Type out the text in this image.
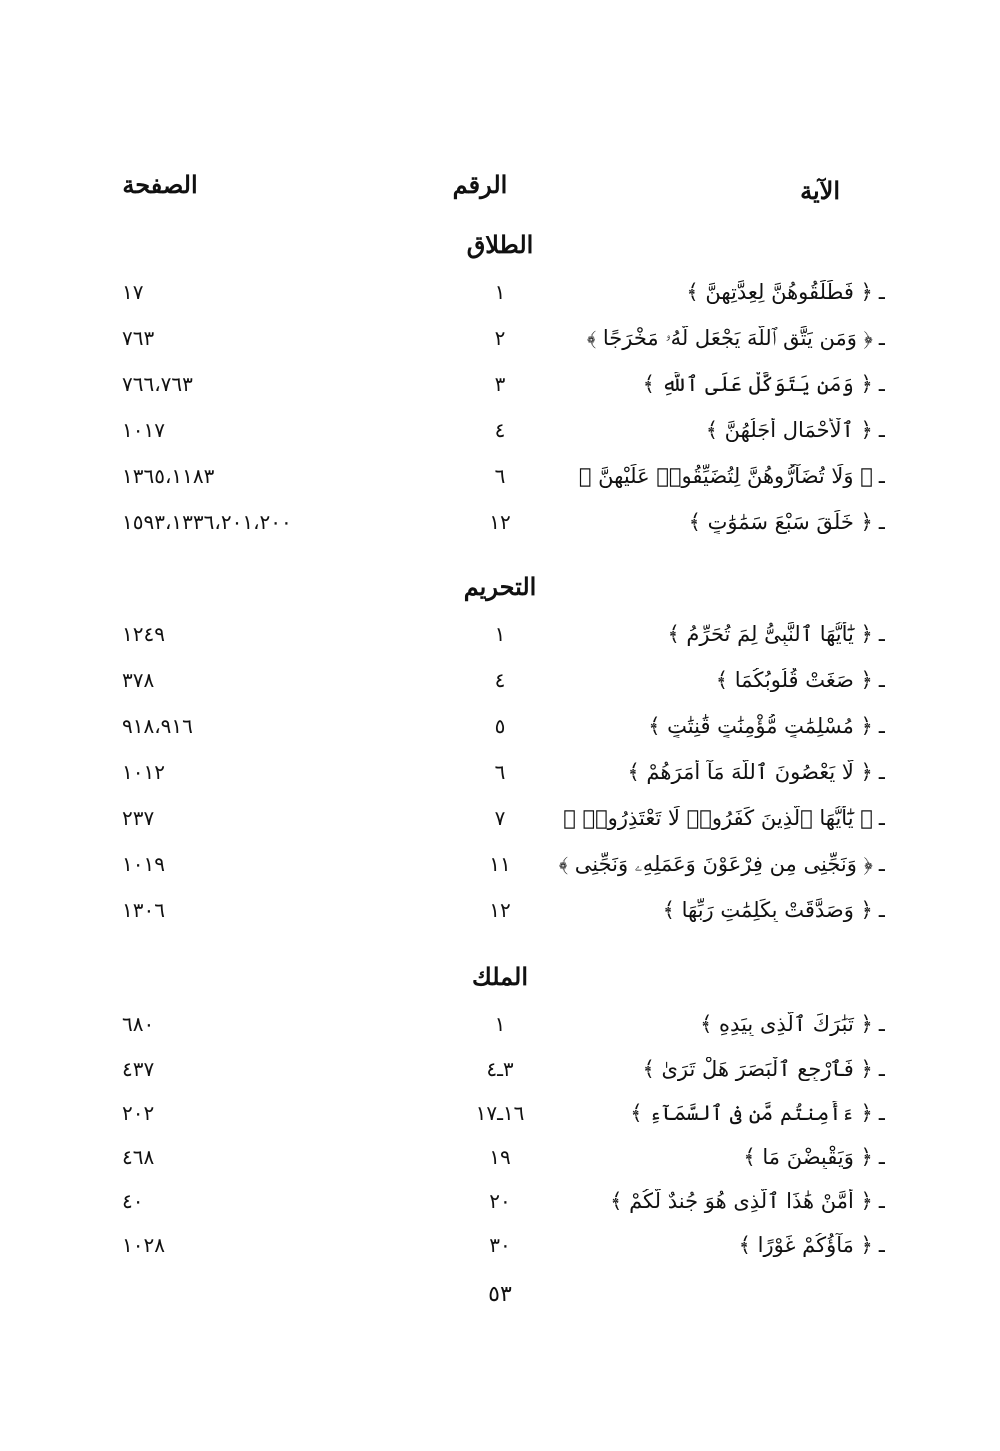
الآية
الرقم
الصفحة
الطلاق
ـ﴿ فَطَلِّقُوهُنَّ لِعِدَّتِهِنَّ ﴾
١
١٧
ـ﴿ وَمَن يَتَّقِ ٱللَّهَ يَجْعَل لَّهُۥ مَخْرَجًا ﴾
٢
٧٦٣
ـ﴿ وَمَن يَتَوَكَّلْ عَلَى ٱللَّهِ ﴾
٣
٧٦٦،٧٦٣
ـ﴿ ٱلْأَحْمَالِ أَجَلُهُنَّ ﴾
٤
١٠١٧
ـ﴿ وَلَا تُضَآرُّوهُنَّ لِتُضَيِّقُوا۟ عَلَيْهِنَّ ﴾
٦
١٣٦٥،١١٨٣
ـ﴿ خَلَقَ سَبْعَ سَمَٰوَٰتٍ ﴾
١٢
١٥٩٣،١٣٣٦،٢٠١،٢٠٠
التحريم
ـ﴿ يَٰٓأَيُّهَا ٱلنَّبِىُّ لِمَ تُحَرِّمُ ﴾
١
١٢٤٩
ـ﴿ صَغَتْ قُلُوبُكُمَا ﴾
٤
٣٧٨
ـ﴿ مُسْلِمَٰتٍ مُّؤْمِنَٰتٍ قَٰنِتَٰتٍ ﴾
٥
٩١٨،٩١٦
ـ﴿ لَّا يَعْصُونَ ٱللَّهَ مَآ أَمَرَهُمْ ﴾
٦
١٠١٢
ـ﴿ يَٰٓأَيُّهَا ٱلَّذِينَ كَفَرُوا۟ لَا تَعْتَذِرُوا۟ ﴾
٧
٢٣٧
ـ﴿ وَنَجِّنِى مِن فِرْعَوْنَ وَعَمَلِهِۦ وَنَجِّنِى ﴾
١١
١٠١٩
ـ﴿ وَصَدَّقَتْ بِكَلِمَٰتِ رَبِّهَا ﴾
١٢
١٣٠٦
الملك
ـ﴿ تَبَٰرَكَ ٱلَّذِى بِيَدِهِ ﴾
١
٦٨٠
ـ﴿ فَٱرْجِعِ ٱلْبَصَرَ هَلْ تَرَىٰ ﴾
٣ـ٤
٤٣٧
ـ﴿ ءَأَمِنتُم مَّن فِى ٱلسَّمَآءِ ﴾
١٦ـ١٧
٢٠٢
ـ﴿ وَيَقْبِضْنَ مَا ﴾
١٩
٤٦٨
ـ﴿ أَمَّنْ هَٰذَا ٱلَّذِى هُوَ جُندٌ لَّكُمْ ﴾
٢٠
٤٠
ـ﴿ مَآؤُكُمْ غَوْرًا ﴾
٣٠
١٠٢٨
٥٣
